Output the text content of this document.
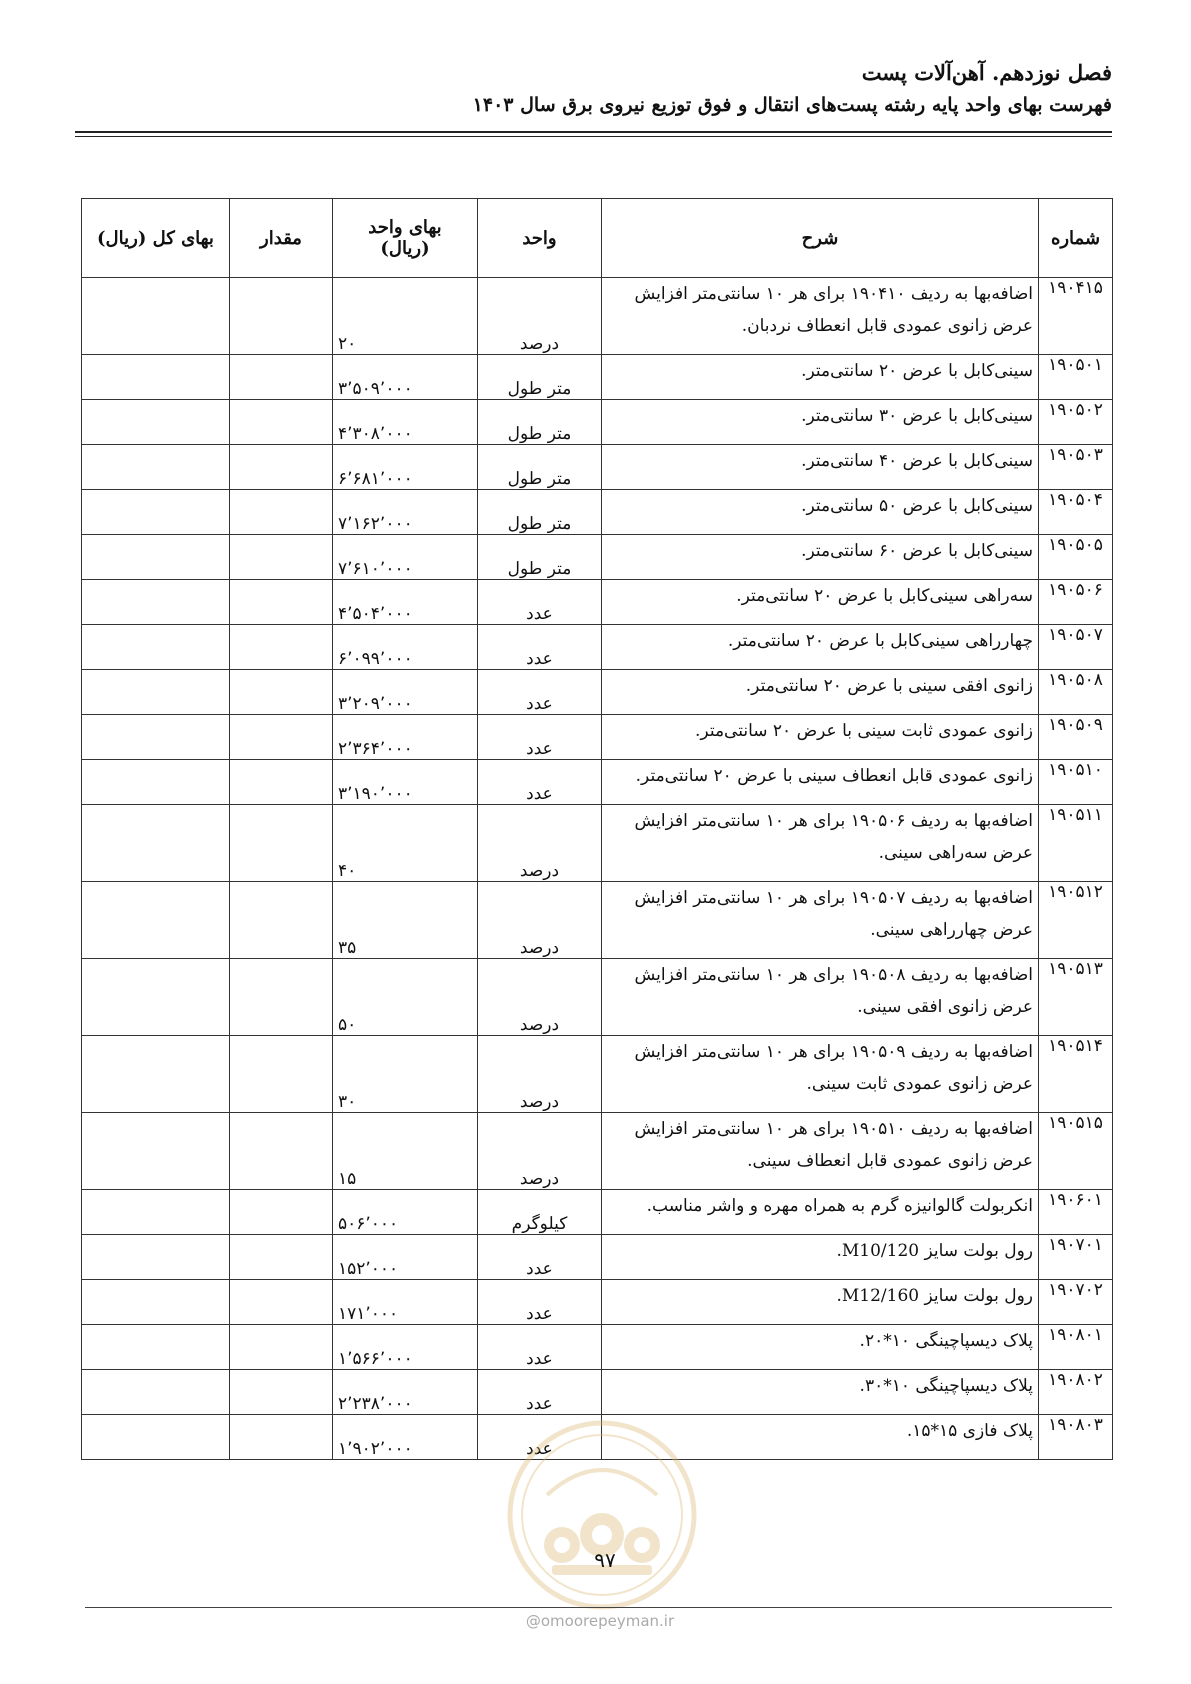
فصل نوزدهم. آهن‌آلات پست
فهرست بهای واحد پایه رشته پست‌های انتقال و فوق توزیع نیروی برق سال ۱۴۰۳
شماره	شرح	واحد	بهای واحد
(ریال)	مقدار	بهای کل (ریال)
۱۹۰۴۱۵	اضافه‌بها به ردیف ۱۹۰۴۱۰ برای هر ۱۰ سانتی‌متر افزایش عرض زانوی عمودی قابل انعطاف نردبان.	درصد	۲۰		
۱۹۰۵۰۱	سینی‌کابل با عرض ۲۰ سانتی‌متر.	متر طول	۳٬۵۰۹٬۰۰۰		
۱۹۰۵۰۲	سینی‌کابل با عرض ۳۰ سانتی‌متر.	متر طول	۴٬۳۰۸٬۰۰۰		
۱۹۰۵۰۳	سینی‌کابل با عرض ۴۰ سانتی‌متر.	متر طول	۶٬۶۸۱٬۰۰۰		
۱۹۰۵۰۴	سینی‌کابل با عرض ۵۰ سانتی‌متر.	متر طول	۷٬۱۶۲٬۰۰۰		
۱۹۰۵۰۵	سینی‌کابل با عرض ۶۰ سانتی‌متر.	متر طول	۷٬۶۱۰٬۰۰۰		
۱۹۰۵۰۶	سه‌راهی سینی‌کابل با عرض ۲۰ سانتی‌متر.	عدد	۴٬۵۰۴٬۰۰۰		
۱۹۰۵۰۷	چهارراهی سینی‌کابل با عرض ۲۰ سانتی‌متر.	عدد	۶٬۰۹۹٬۰۰۰		
۱۹۰۵۰۸	زانوی افقی سینی با عرض ۲۰ سانتی‌متر.	عدد	۳٬۲۰۹٬۰۰۰		
۱۹۰۵۰۹	زانوی عمودی ثابت سینی با عرض ۲۰ سانتی‌متر.	عدد	۲٬۳۶۴٬۰۰۰		
۱۹۰۵۱۰	زانوی عمودی قابل انعطاف سینی با عرض ۲۰ سانتی‌متر.	عدد	۳٬۱۹۰٬۰۰۰		
۱۹۰۵۱۱	اضافه‌بها به ردیف ۱۹۰۵۰۶ برای هر ۱۰ سانتی‌متر افزایش عرض سه‌راهی سینی.	درصد	۴۰		
۱۹۰۵۱۲	اضافه‌بها به ردیف ۱۹۰۵۰۷ برای هر ۱۰ سانتی‌متر افزایش عرض چهارراهی سینی.	درصد	۳۵		
۱۹۰۵۱۳	اضافه‌بها به ردیف ۱۹۰۵۰۸ برای هر ۱۰ سانتی‌متر افزایش عرض زانوی افقی سینی.	درصد	۵۰		
۱۹۰۵۱۴	اضافه‌بها به ردیف ۱۹۰۵۰۹ برای هر ۱۰ سانتی‌متر افزایش عرض زانوی عمودی ثابت سینی.	درصد	۳۰		
۱۹۰۵۱۵	اضافه‌بها به ردیف ۱۹۰۵۱۰ برای هر ۱۰ سانتی‌متر افزایش عرض زانوی عمودی قابل انعطاف سینی.	درصد	۱۵		
۱۹۰۶۰۱	انکربولت گالوانیزه گرم به همراه مهره و واشر مناسب.	کیلوگرم	۵۰۶٬۰۰۰		
۱۹۰۷۰۱	رول بولت سایز M10/120.	عدد	۱۵۲٬۰۰۰		
۱۹۰۷۰۲	رول بولت سایز M12/160.	عدد	۱۷۱٬۰۰۰		
۱۹۰۸۰۱	پلاک دیسپاچینگی ۱۰*۲۰.	عدد	۱٬۵۶۶٬۰۰۰		
۱۹۰۸۰۲	پلاک دیسپاچینگی ۱۰*۳۰.	عدد	۲٬۲۳۸٬۰۰۰		
۱۹۰۸۰۳	پلاک فازی ۱۵*۱۵.	عدد	۱٬۹۰۲٬۰۰۰		
۹۷
@omoorepeyman.ir
